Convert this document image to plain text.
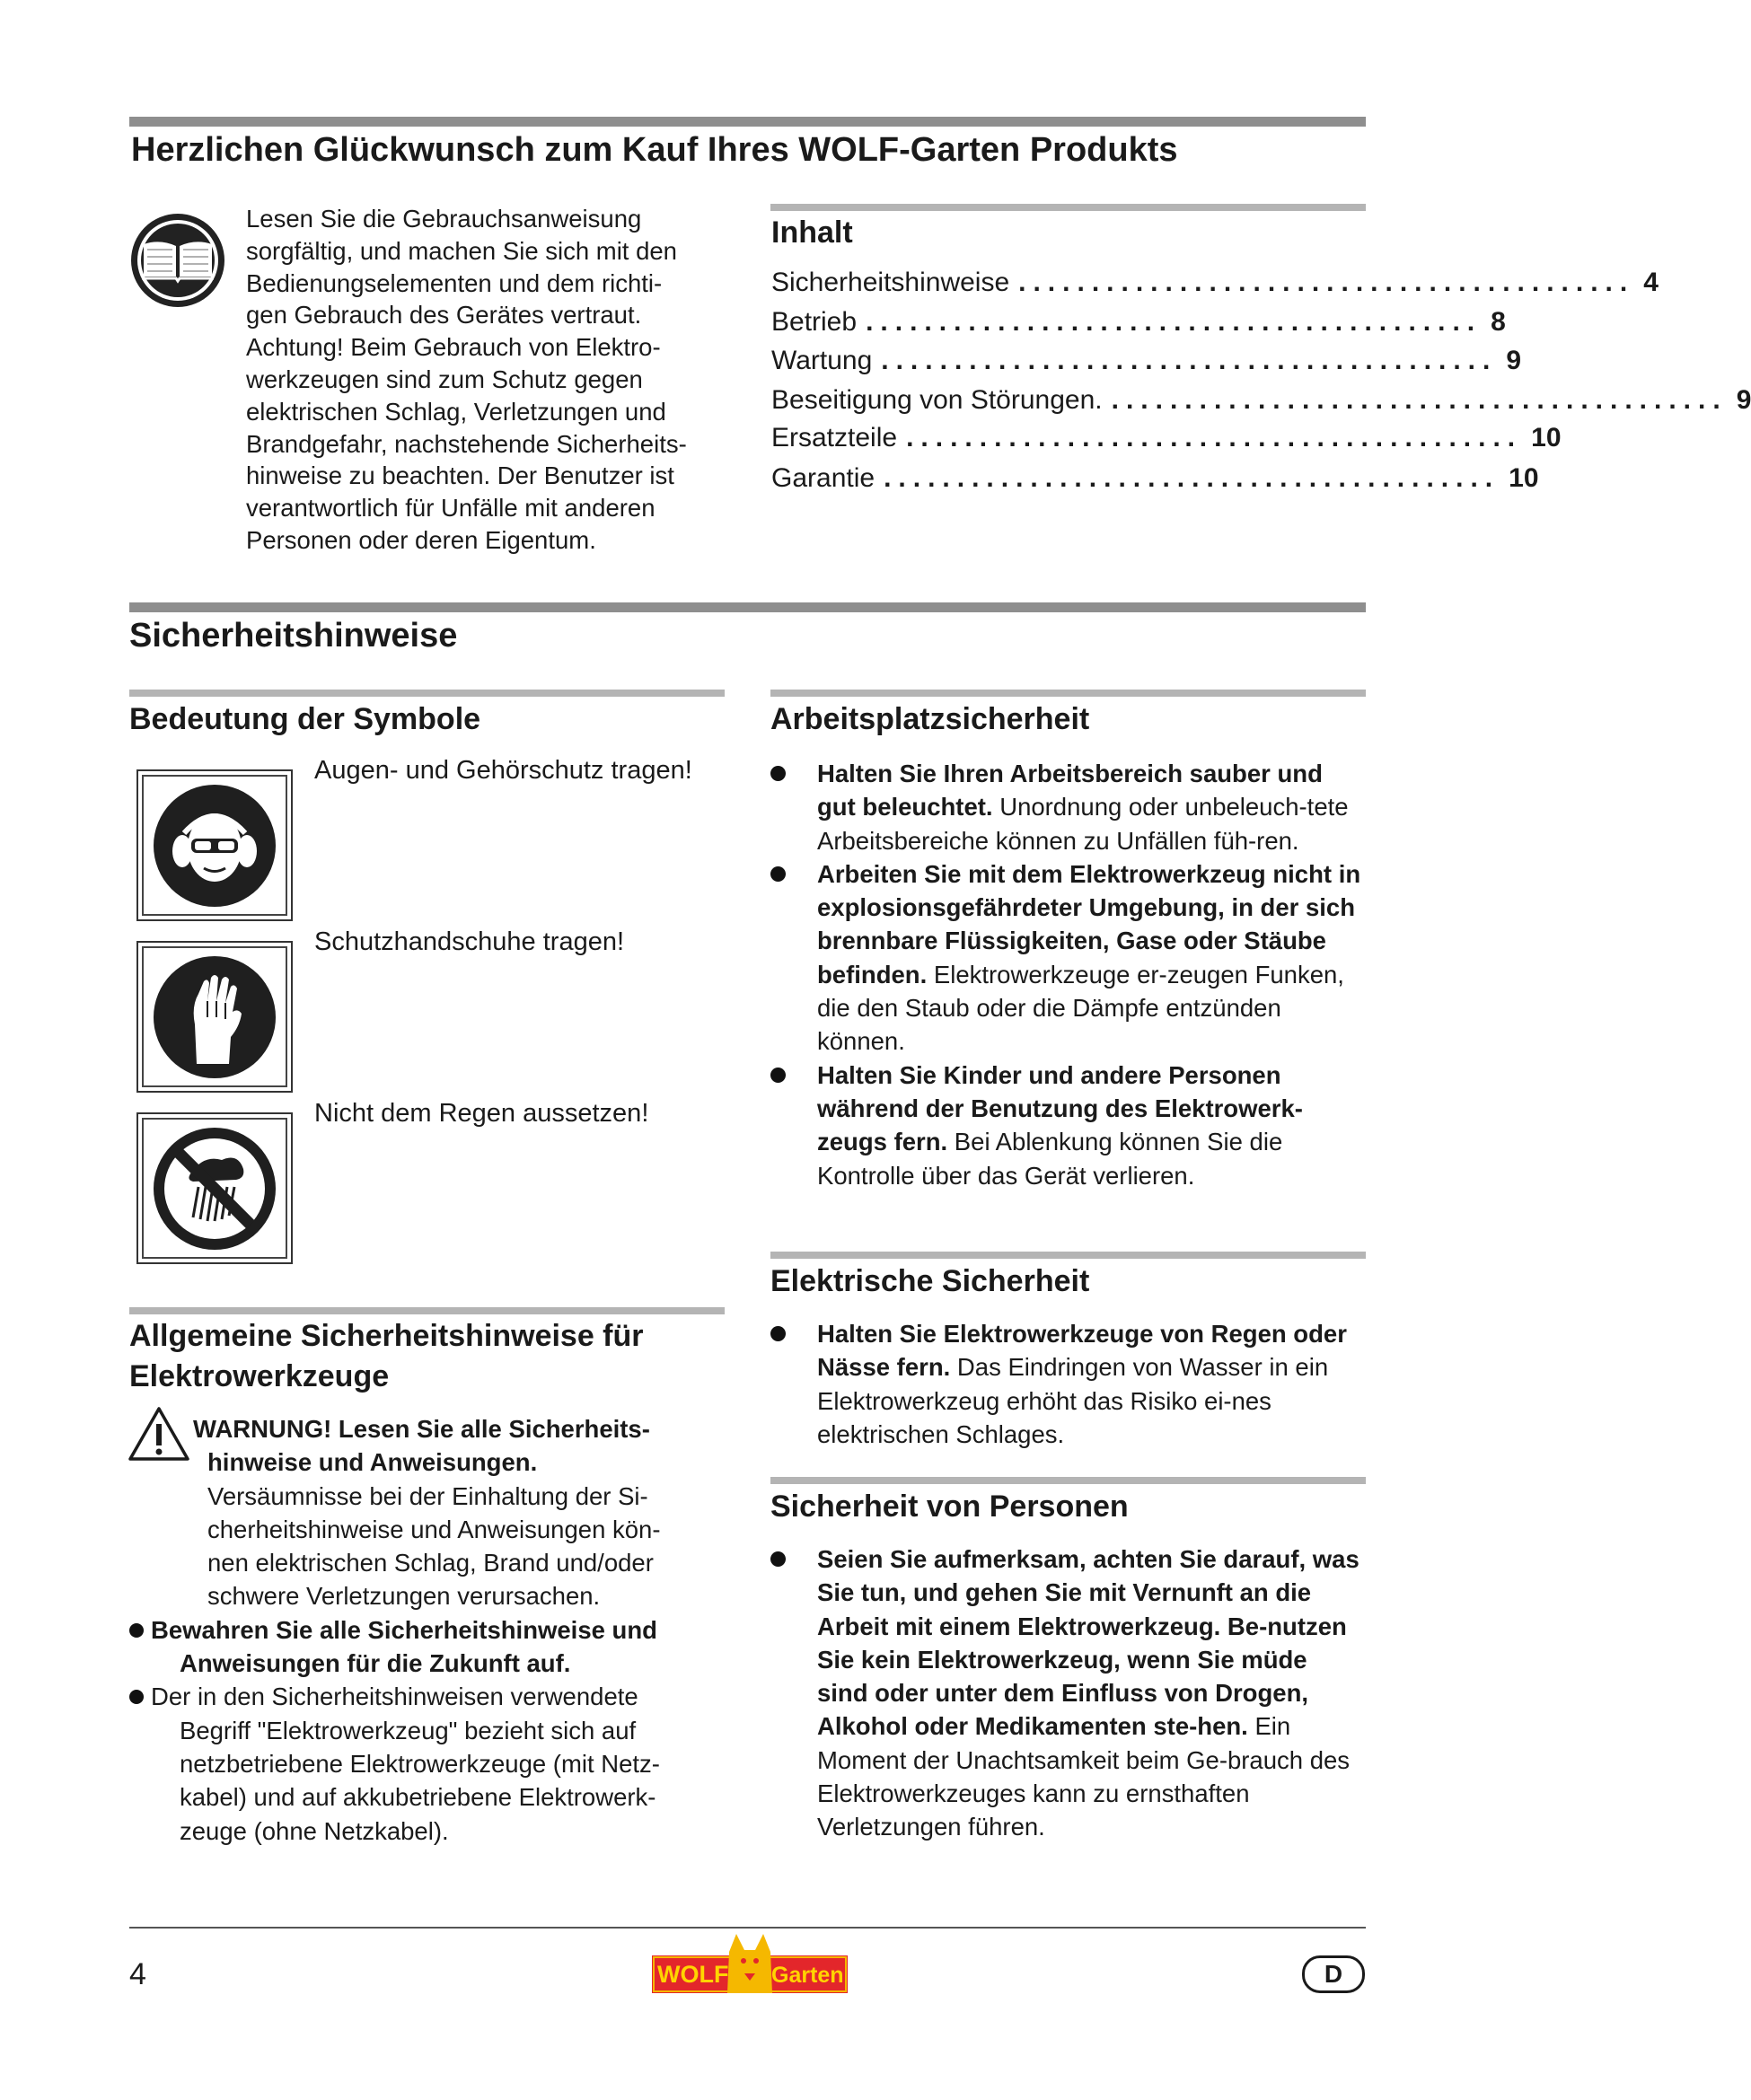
Herzlichen Glückwunsch zum Kauf Ihres WOLF-Garten Produkts
Lesen Sie die Gebrauchsanweisung
sorgfältig, und machen Sie sich mit den
Bedienungselementen und dem richti-
gen Gebrauch des Gerätes vertraut.
Achtung! Beim Gebrauch von Elektro-
werkzeugen sind zum Schutz gegen
elektrischen Schlag, Verletzungen und
Brandgefahr, nachstehende Sicherheits-
hinweise zu beachten. Der Benutzer ist
verantwortlich für Unfälle mit anderen
Personen oder deren Eigentum.
Inhalt
Sicherheitshinweise .......................................... 4
Betrieb .......................................... 8
Wartung .......................................... 9
Beseitigung von Störungen. .......................................... 9
Ersatzteile .......................................... 10
Garantie .......................................... 10
Sicherheitshinweise
Bedeutung der Symbole
Augen- und Gehörschutz tragen!
Schutzhandschuhe tragen!
Nicht dem Regen aussetzen!
Allgemeine Sicherheitshinweise für
Elektrowerkzeuge
WARNUNG! Lesen Sie alle Sicherheits-
hinweise und Anweisungen.
Versäumnisse bei der Einhaltung der Si-
cherheitshinweise und Anweisungen kön-
nen elektrischen Schlag, Brand und/oder
schwere Verletzungen verursachen.
Bewahren Sie alle Sicherheitshinweise und
Anweisungen für die Zukunft auf.
Der in den Sicherheitshinweisen verwendete
Begriff "Elektrowerkzeug" bezieht sich auf
netzbetriebene Elektrowerkzeuge (mit Netz-
kabel) und auf akkubetriebene Elektrowerk-
zeuge (ohne Netzkabel).
Arbeitsplatzsicherheit

Halten Sie Ihren Arbeitsbereich sauber und gut beleuchtet. Unordnung oder unbeleuch-tete Arbeitsbereiche können zu Unfällen füh-ren.

Arbeiten Sie mit dem Elektrowerkzeug nicht in explosionsgefährdeter Umgebung, in der sich brennbare Flüssigkeiten, Gase oder Stäube befinden. Elektrowerkzeuge er-zeugen Funken, die den Staub oder die Dämpfe entzünden können.

Halten Sie Kinder und andere Personen während der Benutzung des Elektrowerk-zeugs fern. Bei Ablenkung können Sie die Kontrolle über das Gerät verlieren.

Elektrische Sicherheit

Halten Sie Elektrowerkzeuge von Regen oder Nässe fern. Das Eindringen von Wasser in ein Elektrowerkzeug erhöht das Risiko ei-nes elektrischen Schlages.

Sicherheit von Personen

Seien Sie aufmerksam, achten Sie darauf, was Sie tun, und gehen Sie mit Vernunft an die Arbeit mit einem Elektrowerkzeug. Be-nutzen Sie kein Elektrowerkzeug, wenn Sie müde sind oder unter dem Einfluss von Drogen, Alkohol oder Medikamenten ste-hen. Ein Moment der Unachtsamkeit beim Ge-brauch des Elektrowerkzeuges kann zu ernsthaften Verletzungen führen.

4	WOLF Garten	D
